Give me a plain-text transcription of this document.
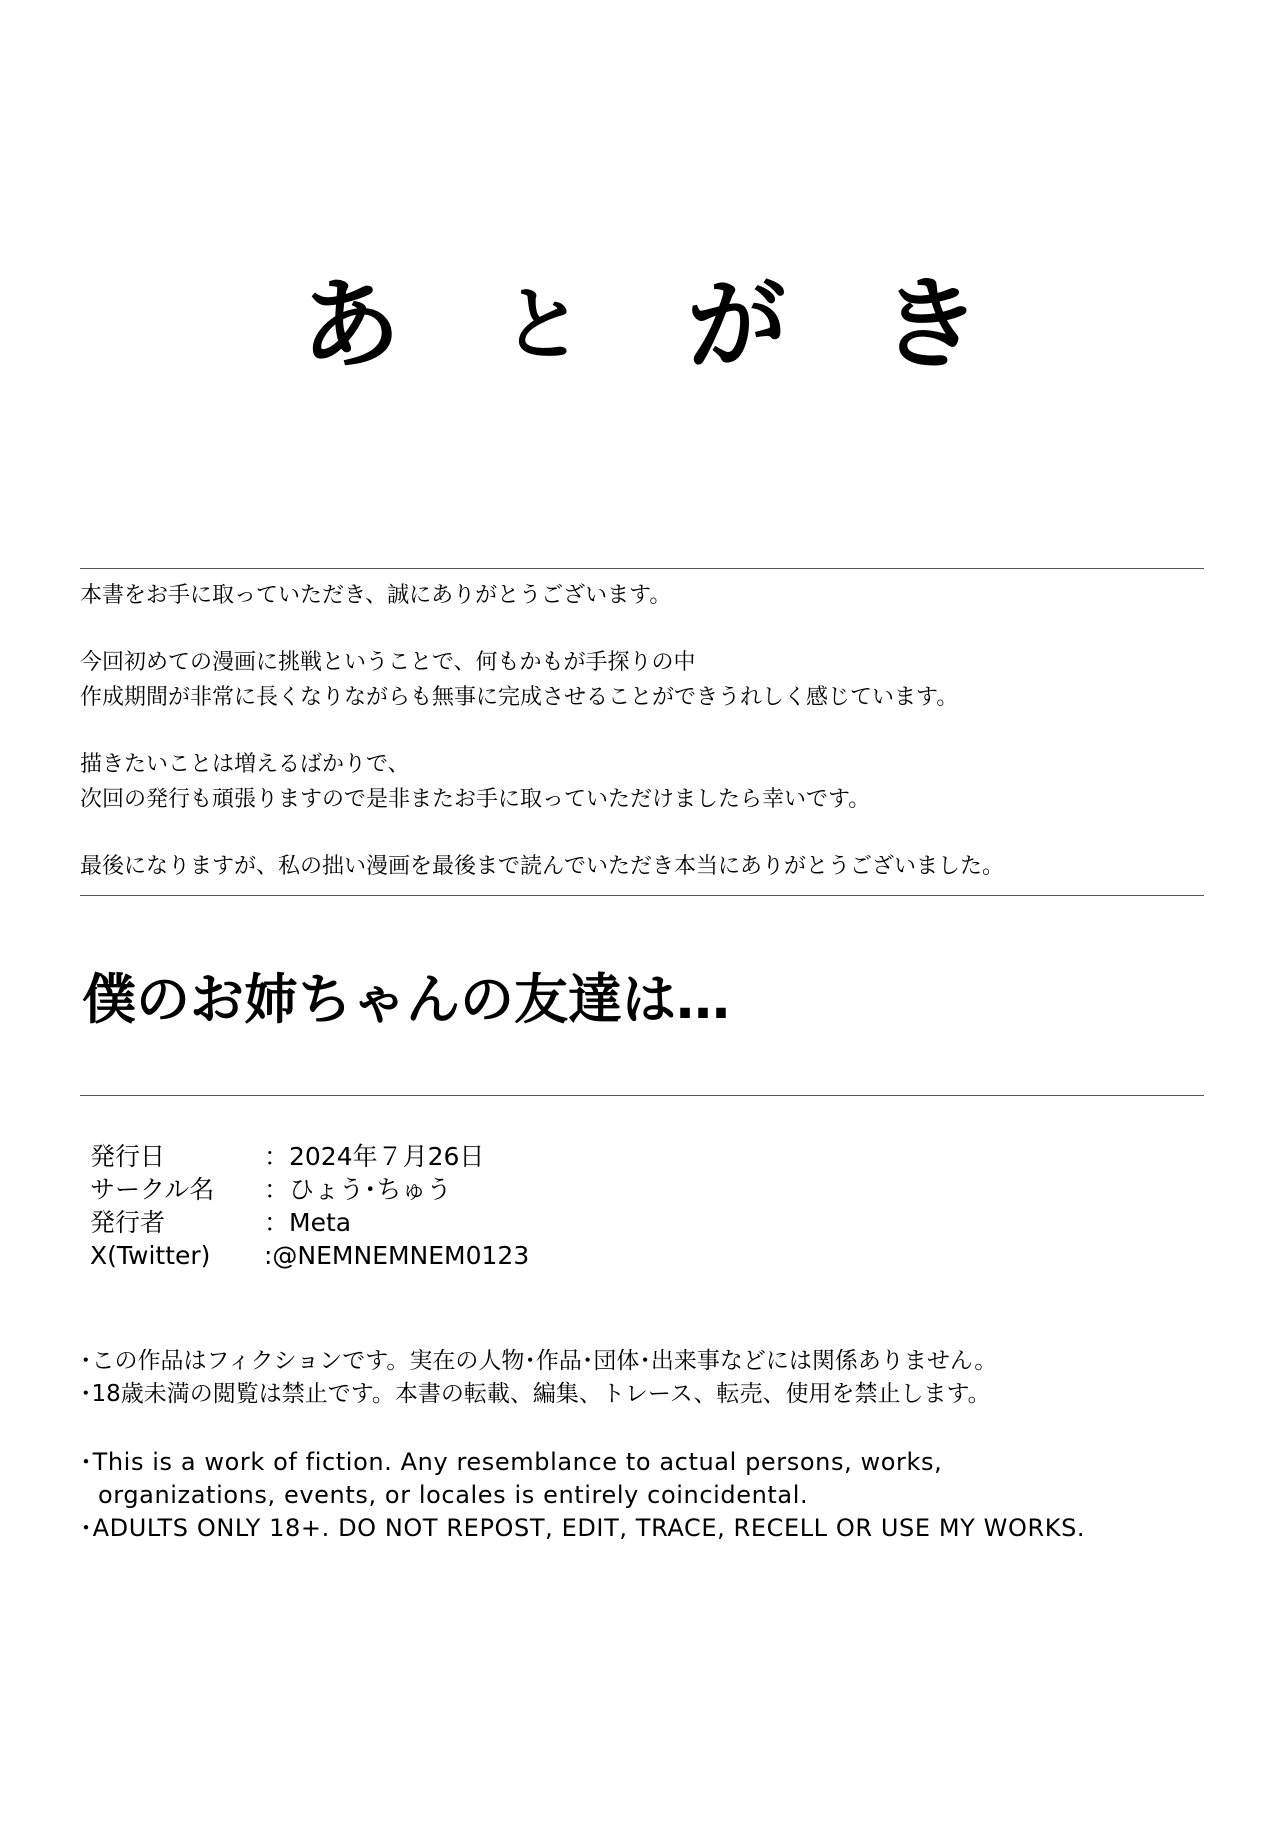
あ と が き

本書をお手に取っていただき、誠にありがとうございます。

今回初めての漫画に挑戦ということで、何もかもが手探りの中

作成期間が非常に長くなりながらも無事に完成させることができうれしく感じています。

描きたいことは増えるばかりで、

次回の発行も頑張りますので是非またお手に取っていただけましたら幸いです。

最後になりますが、私の拙い漫画を最後まで読んでいただき本当にありがとうございました。

僕のお姉ちゃんの友達は…
発行日	：2024年７月26日
サークル名	：ひょう･ちゅう
発行者	：Meta
X(Twitter)	:@NEMNEMNEM0123

･この作品はフィクションです。実在の人物･作品･団体･出来事などには関係ありません。

･18歳未満の閲覧は禁止です。本書の転載、編集、トレース、転売、使用を禁止します。

･This is a work of fiction. Any resemblance to actual persons, works,

organizations, events, or locales is entirely coincidental.

･ADULTS ONLY 18+. DO NOT REPOST, EDIT, TRACE, RECELL OR USE MY WORKS.
